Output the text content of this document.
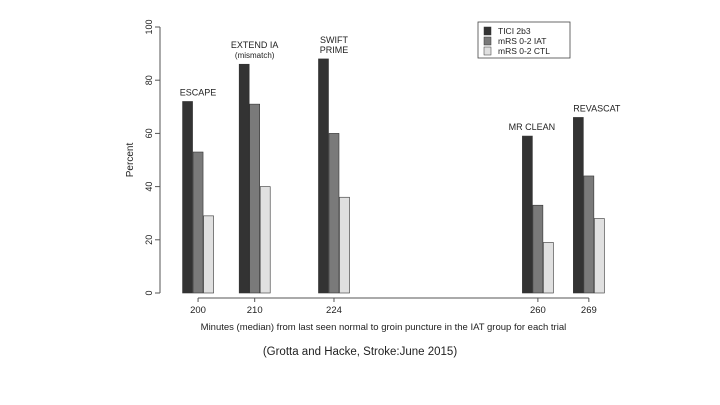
0
20
40
60
80
100
Percent
200	210	224	260	269
Minutes (median) from last seen normal to groin puncture in the IAT group for each trial
ESCAPE
EXTEND IA
(mismatch)
SWIFT
PRIME
MR CLEAN
REVASCAT
TICI 2b3
mRS 0-2 IAT
mRS 0-2 CTL
(Grotta and Hacke, Stroke:June 2015)
